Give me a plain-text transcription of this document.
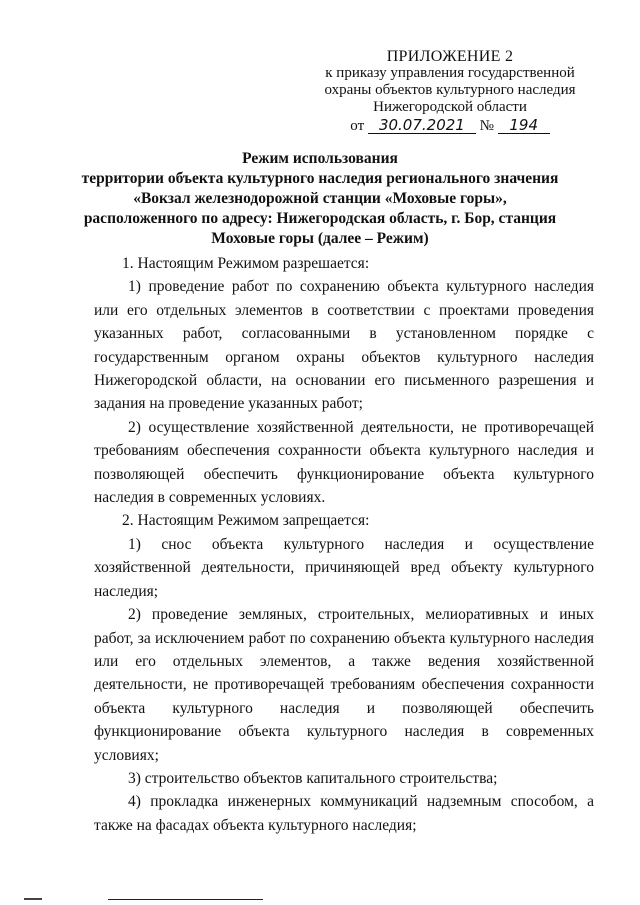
ПРИЛОЖЕНИЕ 2
к приказу управления государственной
охраны объектов культурного наследия
Нижегородской области
от 30.07.2021 № 194
Режим использования
территории объекта культурного наследия регионального значения
«Вокзал железнодорожной станции «Моховые горы»,
расположенного по адресу: Нижегородская область, г. Бор, станция
Моховые горы (далее – Режим)

1. Настоящим Режимом разрешается:

1) проведение работ по сохранению объекта культурного наследия или его отдельных элементов в соответствии с проектами проведения указанных работ, согласованными в установленном порядке с государственным органом охраны объектов культурного наследия Нижегородской области, на основании его письменного разрешения и задания на проведение указанных работ;

2) осуществление хозяйственной деятельности, не противоречащей требованиям обеспечения сохранности объекта культурного наследия и позволяющей обеспечить функционирование объекта культурного наследия в современных условиях.

2. Настоящим Режимом запрещается:

1) снос объекта культурного наследия и осуществление хозяйственной деятельности, причиняющей вред объекту культурного наследия;

2) проведение земляных, строительных, мелиоративных и иных работ, за исключением работ по сохранению объекта культурного наследия или его отдельных элементов, а также ведения хозяйственной деятельности, не противоречащей требованиям обеспечения сохранности объекта культурного наследия и позволяющей обеспечить функционирование объекта культурного наследия в современных условиях;

3) строительство объектов капитального строительства;

4) прокладка инженерных коммуникаций надземным способом, а также на фасадах объекта культурного наследия;
